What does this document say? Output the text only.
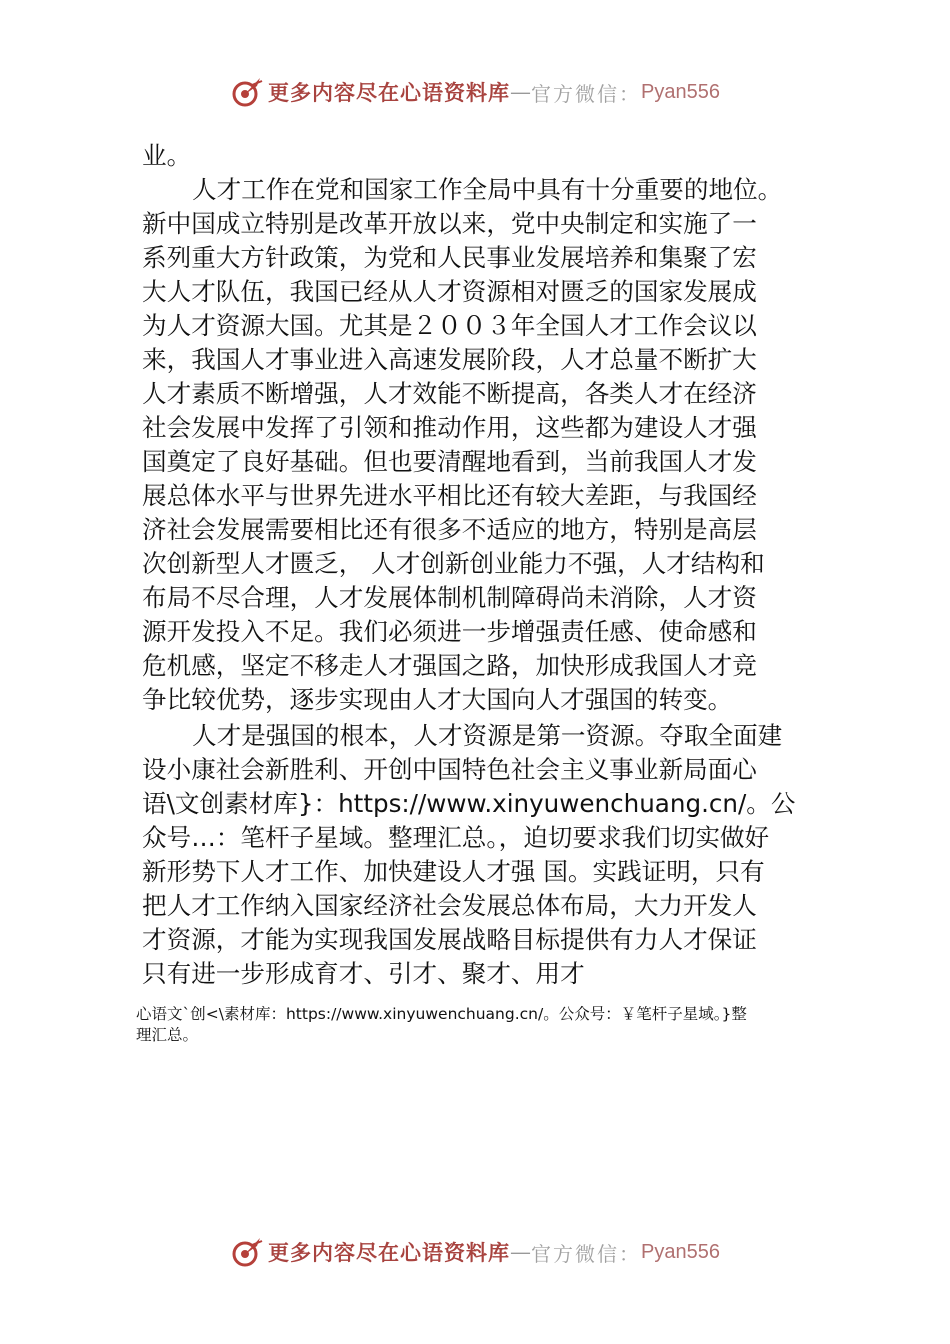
更多内容尽在心语资料库 — 官方微信： Pyan556
业。
人才工作在党和国家工作全局中具有十分重要的地位。
新中国成立特别是改革开放以来，党中央制定和实施了一
系列重大方针政策，为党和人民事业发展培养和集聚了宏
大人才队伍，我国已经从人才资源相对匮乏的国家发展成
为人才资源大国。尤其是２００３年全国人才工作会议以
来，我国人才事业进入高速发展阶段，人才总量不断扩大
人才素质不断增强，人才效能不断提高，各类人才在经济
社会发展中发挥了引领和推动作用，这些都为建设人才强
国奠定了良好基础。但也要清醒地看到，当前我国人才发
展总体水平与世界先进水平相比还有较大差距，与我国经
济社会发展需要相比还有很多不适应的地方，特别是高层
次创新型人才匮乏， 人才创新创业能力不强，人才结构和
布局不尽合理，人才发展体制机制障碍尚未消除，人才资
源开发投入不足。我们必须进一步增强责任感、使命感和
危机感，坚定不移走人才强国之路，加快形成我国人才竞
争比较优势，逐步实现由人才大国向人才强国的转变。
人才是强国的根本，人才资源是第一资源。夺取全面建
设小康社会新胜利、开创中国特色社会主义事业新局面心
语\文创素材库}：https://www.xinyuwenchuang.cn/。公
众号…：笔杆子星域。整理汇总。，迫切要求我们切实做好
新形势下人才工作、加快建设人才强 国。实践证明，只有
把人才工作纳入国家经济社会发展总体布局，大力开发人
才资源，才能为实现我国发展战略目标提供有力人才保证
只有进一步形成育才、引才、聚才、用才
心语文`创<\素材库：https://www.xinyuwenchuang.cn/。公众号：￥笔杆子星域。}整
理汇总。
更多内容尽在心语资料库 — 官方微信： Pyan556
